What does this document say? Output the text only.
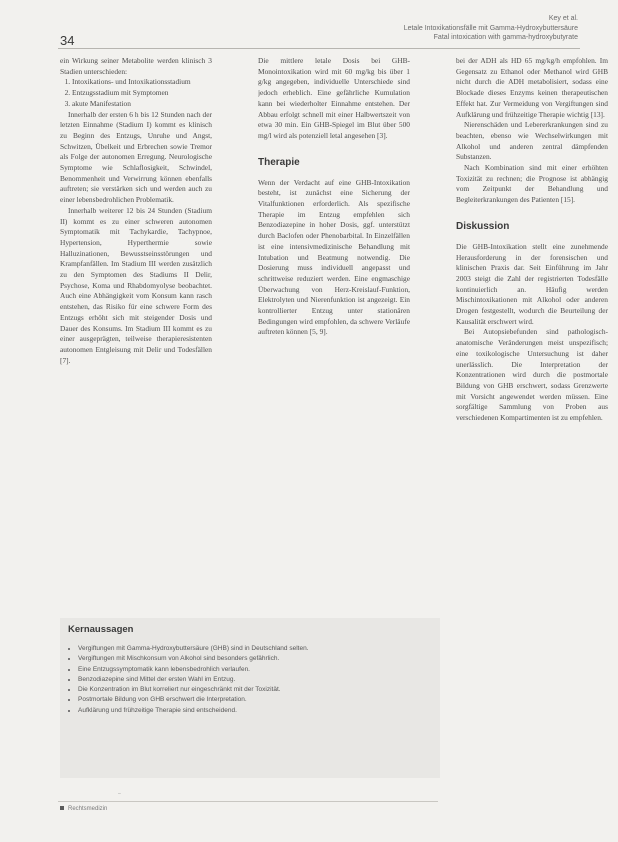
34
Key et al.
Letale Intoxikationsfälle mit Gamma-Hydroxybuttersäure
Fatal intoxication with gamma-hydroxybutyrate

ein Wirkung seiner Metabolite werden klinisch 3 Stadien unterschieden:

1. Intoxikations- und Intoxikationsstadium
2. Entzugsstadium mit Symptomen
3. akute Manifestation

Innerhalb der ersten 6 h bis 12 Stunden nach der letzten Einnahme (Stadium I) kommt es klinisch zu Beginn des Entzugs, Unruhe und Angst, Schwitzen, Übelkeit und Erbrechen sowie Tremor als Folge der autonomen Erregung. Neurologische Symptome wie Schlaflosigkeit, Schwindel, Benommenheit und Verwirrung können ebenfalls auftreten; sie verstärken sich und werden auch zu einer lebensbedrohlichen Problematik.

Innerhalb weiterer 12 bis 24 Stunden (Stadium II) kommt es zu einer schweren autonomen Symptomatik mit Tachykardie, Tachypnoe, Hypertension, Hyperthermie sowie Halluzinationen, Bewusstseinsstörungen und Krampfanfällen. Im Stadium III werden zusätzlich zu den Symptomen des Stadiums II Delir, Psychose, Koma und Rhabdomyolyse beobachtet. Auch eine Abhängigkeit vom Konsum kann rasch entstehen, das Risiko für eine schwere Form des Entzugs erhöht sich mit steigender Dosis und Dauer des Konsums. Im Stadium III kommt es zu einer ausgeprägten, teilweise therapieresistenten autonomen Entgleisung mit Delir und Todesfällen [7].

Die mittlere letale Dosis bei GHB-Monointoxikation wird mit 60 mg/kg bis über 1 g/kg angegeben, individuelle Unterschiede sind jedoch erheblich. Eine gefährliche Kumulation kann bei wiederholter Einnahme entstehen. Der Abbau erfolgt schnell mit einer Halbwertszeit von etwa 30 min. Ein GHB-Spiegel im Blut über 500 mg/l wird als potenziell letal angesehen [3].

Therapie

Wenn der Verdacht auf eine GHB-Intoxikation besteht, ist zunächst eine Sicherung der Vitalfunktionen erforderlich. Als spezifische Therapie im Entzug empfehlen sich Benzodiazepine in hoher Dosis, ggf. unterstützt durch Baclofen oder Phenobarbital. In Einzelfällen ist eine intensivmedizinische Behandlung mit Intubation und Beatmung notwendig. Die Dosierung muss individuell angepasst und schrittweise reduziert werden. Eine engmaschige Überwachung von Herz-Kreislauf-Funktion, Elektrolyten und Nierenfunktion ist angezeigt. Ein kontrollierter Entzug unter stationären Bedingungen wird empfohlen, da schwere Verläufe auftreten können [5, 9].

bei der ADH als HD 65 mg/kg/h empfohlen. Im Gegensatz zu Ethanol oder Methanol wird GHB nicht durch die ADH metabolisiert, sodass eine Blockade dieses Enzyms keinen therapeutischen Effekt hat. Zur Vermeidung von Vergiftungen sind Aufklärung und frühzeitige Therapie wichtig [13].

Nierenschäden und Lebererkrankungen sind zu beachten, ebenso wie Wechselwirkungen mit Alkohol und anderen zentral dämpfenden Substanzen.

Nach Kombination sind mit einer erhöhten Toxizität zu rechnen; die Prognose ist abhängig vom Zeitpunkt der Behandlung und Begleiterkrankungen des Patienten [15].

Diskussion

Die GHB-Intoxikation stellt eine zunehmende Herausforderung in der forensischen und klinischen Praxis dar. Seit Einführung im Jahr 2003 steigt die Zahl der registrierten Todesfälle kontinuierlich an. Häufig werden Mischintoxikationen mit Alkohol oder anderen Drogen festgestellt, wodurch die Beurteilung der Kausalität erschwert wird.

Bei Autopsiebefunden sind pathologisch-anatomische Veränderungen meist unspezifisch; eine toxikologische Untersuchung ist daher unerlässlich. Die Interpretation der Konzentrationen wird durch die postmortale Bildung von GHB erschwert, sodass Grenzwerte mit Vorsicht angewendet werden müssen. Eine sorgfältige Sammlung von Proben aus verschiedenen Kompartimenten ist zu empfehlen.

Kernaussagen
• Vergiftungen mit Gamma-Hydroxybuttersäure (GHB) sind in Deutschland selten.
• Vergiftungen mit Mischkonsum von Alkohol sind besonders gefährlich.
• Eine Entzugssymptomatik kann lebensbedrohlich verlaufen.
• Benzodiazepine sind Mittel der ersten Wahl im Entzug.
• Die Konzentration im Blut korreliert nur eingeschränkt mit der Toxizität.
• Postmortale Bildung von GHB erschwert die Interpretation.
• Aufklärung und frühzeitige Therapie sind entscheidend.
–
Rechtsmedizin
